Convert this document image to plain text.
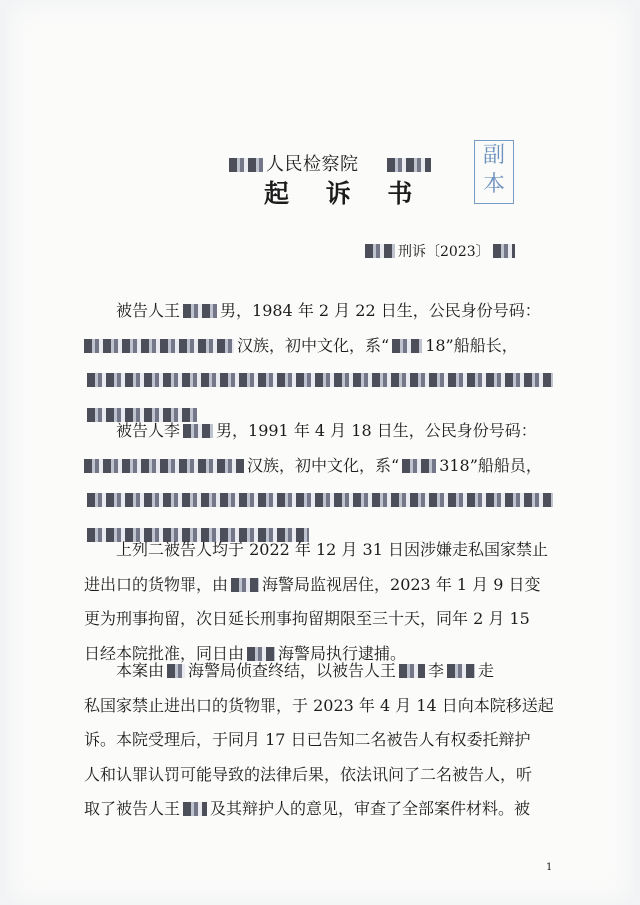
人民检察院
起 诉 书
副
本
刑诉〔2023〕
被告人王	男，1984 年 2 月 22 日生，公民身份号码：
汉族，初中文化，系“ 18”船船长，
被告人李 男，1991 年 4 月 18 日生，公民身份号码：
汉族，初中文化，系“	318”船船员，
上列二被告人均于 2022 年 12 月 31 日因涉嫌走私国家禁止
进出口的货物罪，由 海警局监视居住，2023 年 1 月 9 日变
更为刑事拘留，次日延长刑事拘留期限至三十天，同年 2 月 15
日经本院批准，同日由 海警局执行逮捕。
本案由 海警局侦查终结，以被告人王 李 走
私国家禁止进出口的货物罪，于 2023 年 4 月 14 日向本院移送起
诉。本院受理后，于同月 17 日已告知二名被告人有权委托辩护
人和认罪认罚可能导致的法律后果，依法讯问了二名被告人，听
取了被告人王 及其辩护人的意见，审查了全部案件材料。被
1
